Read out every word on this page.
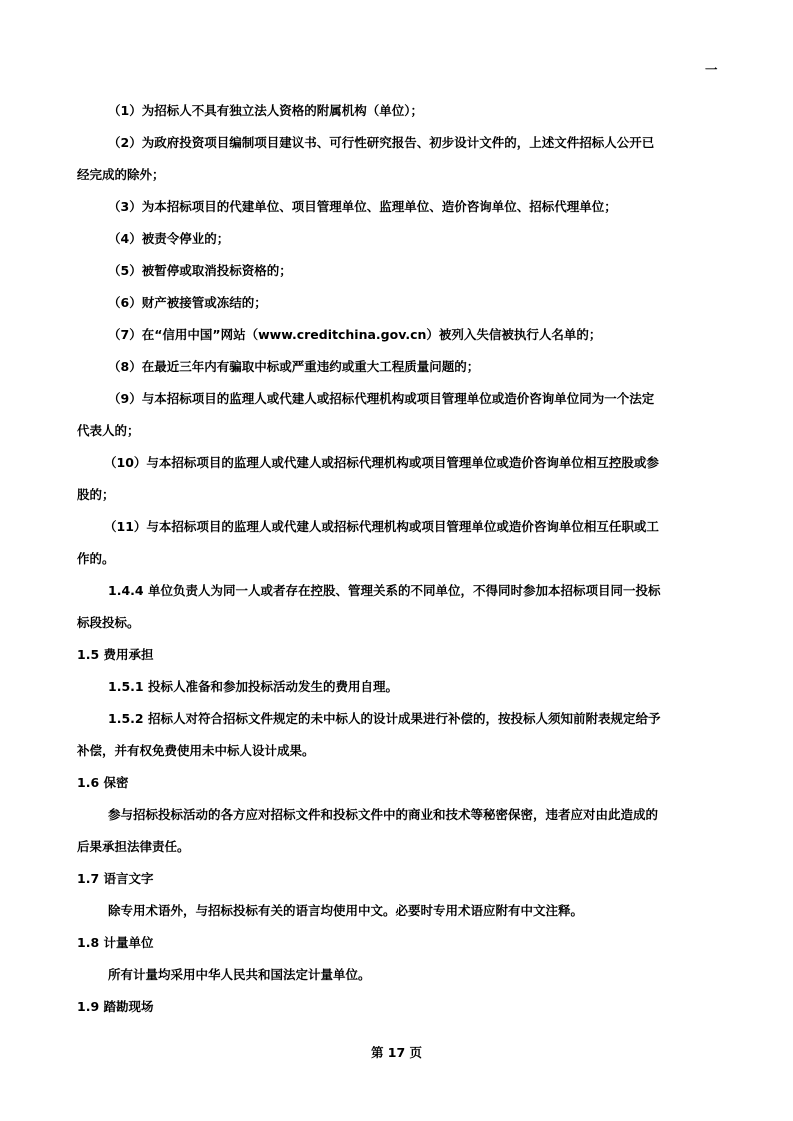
一
（1）为招标人不具有独立法人资格的附属机构（单位）；
（2）为政府投资项目编制项目建议书、可行性研究报告、初步设计文件的，上述文件招标人公开已
经完成的除外；
（3）为本招标项目的代建单位、项目管理单位、监理单位、造价咨询单位、招标代理单位；
（4）被责令停业的；
（5）被暂停或取消投标资格的；
（6）财产被接管或冻结的；
（7）在“信用中国”网站（www.creditchina.gov.cn）被列入失信被执行人名单的；
（8）在最近三年内有骗取中标或严重违约或重大工程质量问题的；
（9）与本招标项目的监理人或代建人或招标代理机构或项目管理单位或造价咨询单位同为一个法定
代表人的；
（10）与本招标项目的监理人或代建人或招标代理机构或项目管理单位或造价咨询单位相互控股或参
股的；
（11）与本招标项目的监理人或代建人或招标代理机构或项目管理单位或造价咨询单位相互任职或工
作的。
1.4.4 单位负责人为同一人或者存在控股、管理关系的不同单位，不得同时参加本招标项目同一投标
标段投标。
1.5 费用承担
1.5.1 投标人准备和参加投标活动发生的费用自理。
1.5.2 招标人对符合招标文件规定的未中标人的设计成果进行补偿的，按投标人须知前附表规定给予
补偿，并有权免费使用未中标人设计成果。
1.6 保密
参与招标投标活动的各方应对招标文件和投标文件中的商业和技术等秘密保密，违者应对由此造成的
后果承担法律责任。
1.7 语言文字
除专用术语外，与招标投标有关的语言均使用中文。必要时专用术语应附有中文注释。
1.8 计量单位
所有计量均采用中华人民共和国法定计量单位。
1.9 踏勘现场
第 17 页
